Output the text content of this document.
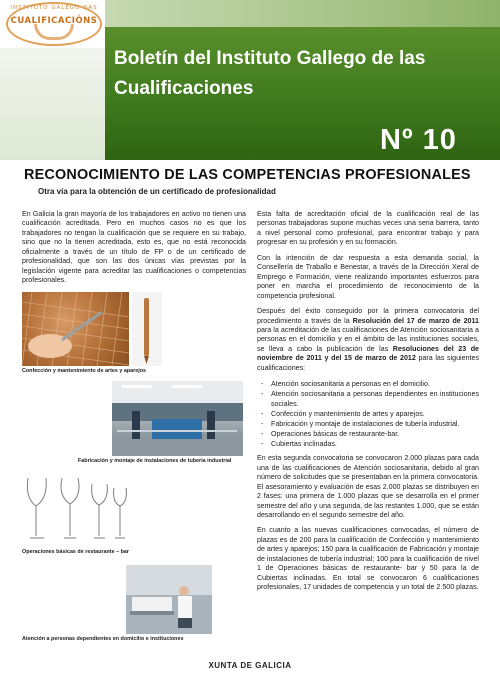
INSTITUTO GALEGO DAS
CUALIFICACIÓNS
Boletín del Instituto Gallego de las Cualificaciones
Nº 10
RECONOCIMIENTO DE LAS COMPETENCIAS PROFESIONALES
Otra vía para la obtención de un certificado de profesionalidad

En Galicia la gran mayoría de los trabajadores en activo no tienen una cualificación acreditada. Pero en muchos casos no es que los trabajadores no tengan la cualificación que se requiere en su trabajo, sino que no la tienen acreditada, esto es, que no está reconocida oficialmente a través de un título de FP o de un certificado de profesionalidad, que son las dos únicas vías previstas por la legislación vigente para acreditar las cualificaciones o competencias profesionales.

Confección y mantenimiento de artes y aparejos
Fabricación y montaje de instalaciones de tubería industrial
Operaciones básicas de restaurante – bar
Atención a personas dependientes en domicilio e instituciones

Esta falta de acreditación oficial de la cualificación real de las personas trabajadoras supone muchas veces una seria barrera, tanto a nivel personal como profesional, para encontrar trabajo y para progresar en su profesión y en su formación.

Con la intención de dar respuesta a esta demanda social, la Consellería de Traballo e Benestar, a través de la Dirección Xeral de Emprego e Formación, viene realizando importantes esfuerzos para poner en marcha el procedimiento de reconocimiento de la competencia profesional.

Después del éxito conseguido por la primera convocatoria del procedimiento a través de la Resolución del 17 de marzo de 2011 para la acreditación de las cualificaciones de Atención sociosanitaria a personas en el domicilio y en el ámbito de las instituciones sociales, se lleva a cabo la publicación de las Resoluciones del 23 de noviembre de 2011 y del 15 de marzo de 2012 para las siguientes cualificaciones:

- Atención sociosanitaria a personas en el domicilio.
- Atención sociosanitaria a personas dependientes en instituciones sociales.
- Confección y mantenimiento de artes y aparejos.
- Fabricación y montaje de instalaciones de tubería industrial.
- Operaciones básicas de restaurante-bar.
- Cubiertas inclinadas.

En esta segunda convocatoria se convocaron 2.000 plazas para cada una de las cualificaciones de Atención sociosanitaria, debido al gran número de solicitudes que se presentaban en la primera convocatoria. El asesoramiento y evaluación de esas 2.000 plazas se distribuyen en 2 fases: una primera de 1.000 plazas que se desarrolla en el primer semestre del año y una segunda, de las restantes 1.000, que se están desarrollando en el segundo semestre del año.

En cuanto a las nuevas cualificaciones convocadas, el número de plazas es de 200 para la cualificación de Confección y mantenimiento de artes y aparejos; 150 para la cualificación de Fabricación y montaje de instalaciones de tubería industrial; 100 para la cualificación de nivel 1 de Operaciones básicas de restaurante- bar y 50 para la de Cubiertas inclinadas. En total se convocaron 6 cualificaciones profesionales, 17 unidades de competencia y un total de 2.500 plazas.

XUNTA DE GALICIA
